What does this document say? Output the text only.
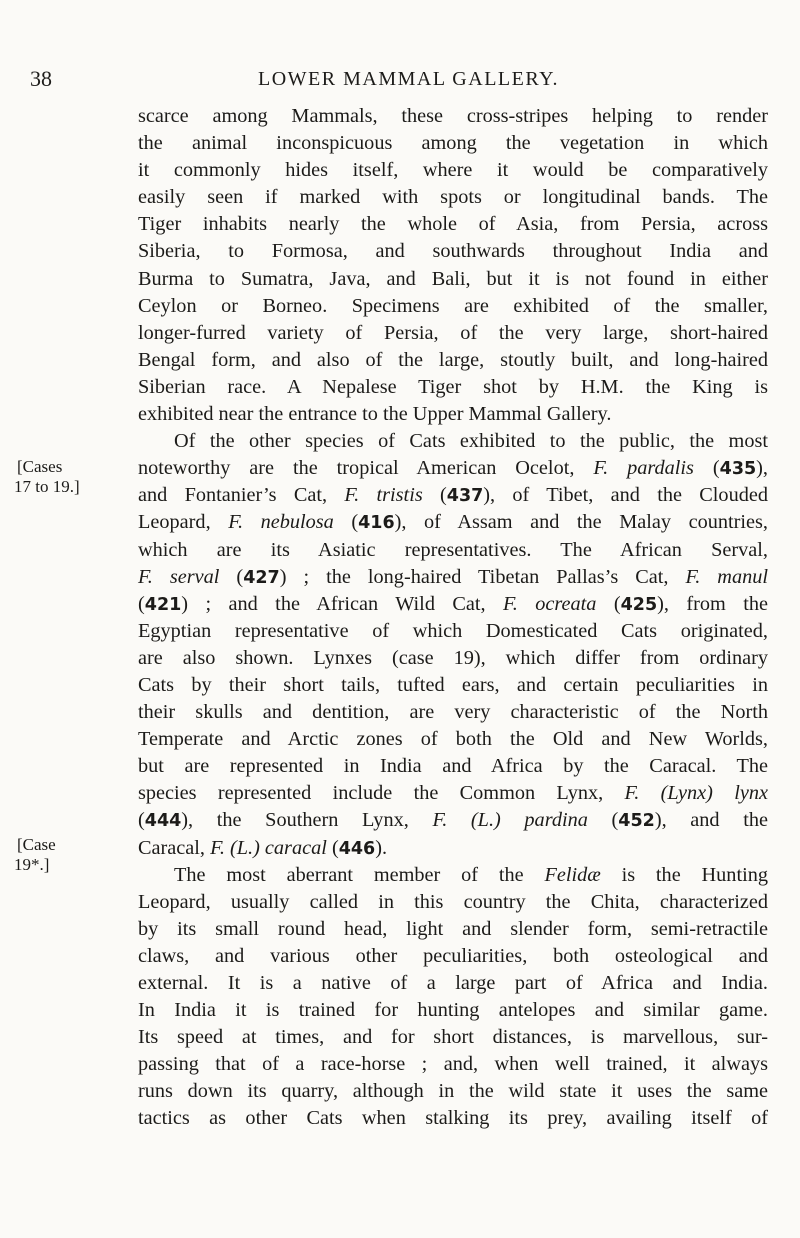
38	LOWER MAMMAL GALLERY.
[Cases
17 to 19.]
[Case
19*.]
scarce among Mammals, these cross-stripes helping to render
the animal inconspicuous among the vegetation in which
it commonly hides itself, where it would be comparatively
easily seen if marked with spots or longitudinal bands. The
Tiger inhabits nearly the whole of Asia, from Persia, across
Siberia, to Formosa, and southwards throughout India and
Burma to Sumatra, Java, and Bali, but it is not found in either
Ceylon or Borneo. Specimens are exhibited of the smaller,
longer-furred variety of Persia, of the very large, short-haired
Bengal form, and also of the large, stoutly built, and long-haired
Siberian race. A Nepalese Tiger shot by H.M. the King is
exhibited near the entrance to the Upper Mammal Gallery.
Of the other species of Cats exhibited to the public, the most
noteworthy are the tropical American Ocelot, F. pardalis (435),
and Fontanier’s Cat, F. tristis (437), of Tibet, and the Clouded
Leopard, F. nebulosa (416), of Assam and the Malay countries,
which are its Asiatic representatives. The African Serval,
F. serval (427) ; the long-haired Tibetan Pallas’s Cat, F. manul
(421) ; and the African Wild Cat, F. ocreata (425), from the
Egyptian representative of which Domesticated Cats originated,
are also shown. Lynxes (case 19), which differ from ordinary
Cats by their short tails, tufted ears, and certain peculiarities in
their skulls and dentition, are very characteristic of the North
Temperate and Arctic zones of both the Old and New Worlds,
but are represented in India and Africa by the Caracal. The
species represented include the Common Lynx, F. (Lynx) lynx
(444), the Southern Lynx, F. (L.) pardina (452), and the
Caracal, F. (L.) caracal (446).
The most aberrant member of the Felidæ is the Hunting
Leopard, usually called in this country the Chita, characterized
by its small round head, light and slender form, semi-retractile
claws, and various other peculiarities, both osteological and
external. It is a native of a large part of Africa and India.
In India it is trained for hunting antelopes and similar game.
Its speed at times, and for short distances, is marvellous, sur-
passing that of a race-horse ; and, when well trained, it always
runs down its quarry, although in the wild state it uses the same
tactics as other Cats when stalking its prey, availing itself of
